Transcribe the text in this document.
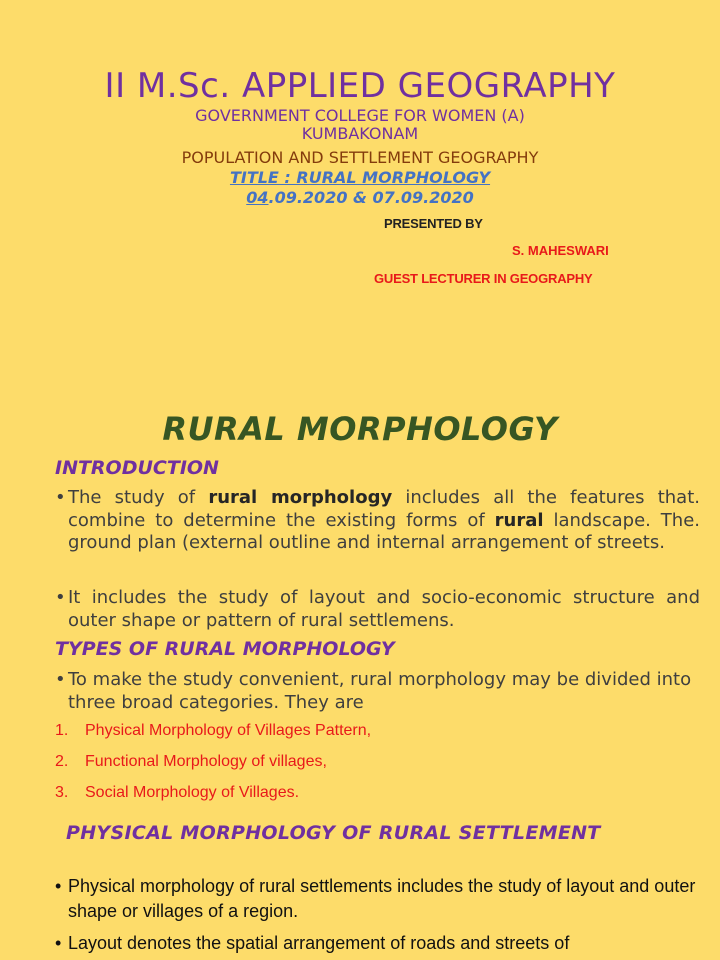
II M.Sc. APPLIED GEOGRAPHY
GOVERNMENT COLLEGE FOR WOMEN (A)
KUMBAKONAM
POPULATION AND SETTLEMENT GEOGRAPHY
TITLE : RURAL MORPHOLOGY
04.09.2020 & 07.09.2020
PRESENTED BY
S. MAHESWARI
GUEST LECTURER IN GEOGRAPHY
RURAL MORPHOLOGY
INTRODUCTION
• The study of rural morphology includes all the features that. combine to determine the existing forms of rural landscape. The. ground plan (external outline and internal arrangement of streets.
• It includes the study of layout and socio-economic structure and outer shape or pattern of rural settlemens.
TYPES OF RURAL MORPHOLOGY
• To make the study convenient, rural morphology may be divided into three broad categories. They are
1. Physical Morphology of Villages Pattern,
2. Functional Morphology of villages,
3. Social Morphology of Villages.
PHYSICAL MORPHOLOGY OF RURAL SETTLEMENT
• Physical morphology of rural settlements includes the study of layout and outer shape or villages of a region.
• Layout denotes the spatial arrangement of roads and streets of
